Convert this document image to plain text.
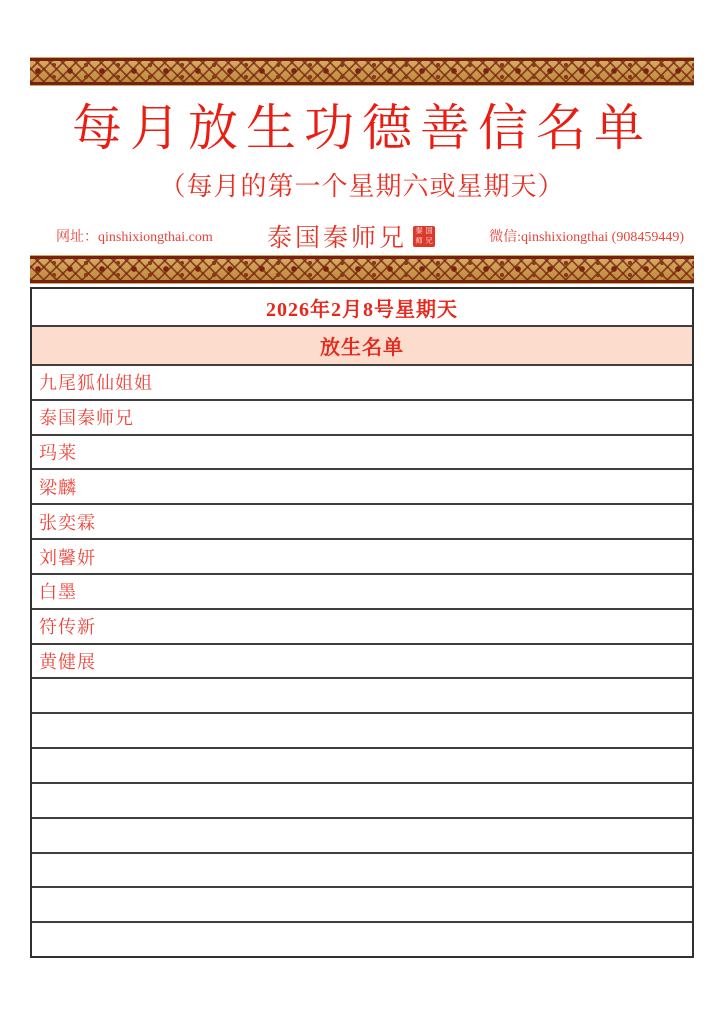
每月放生功德善信名单
（每月的第一个星期六或星期天）
网址：qinshixiongthai.com 泰国秦师兄 秦 国
师 兄	微信:qinshixiongthai (908459449)
2026年2月8号星期天
放生名单
九尾狐仙姐姐
泰国秦师兄
玛莱
梁麟
张奕霖
刘馨妍
白墨
符传新
黄健展
